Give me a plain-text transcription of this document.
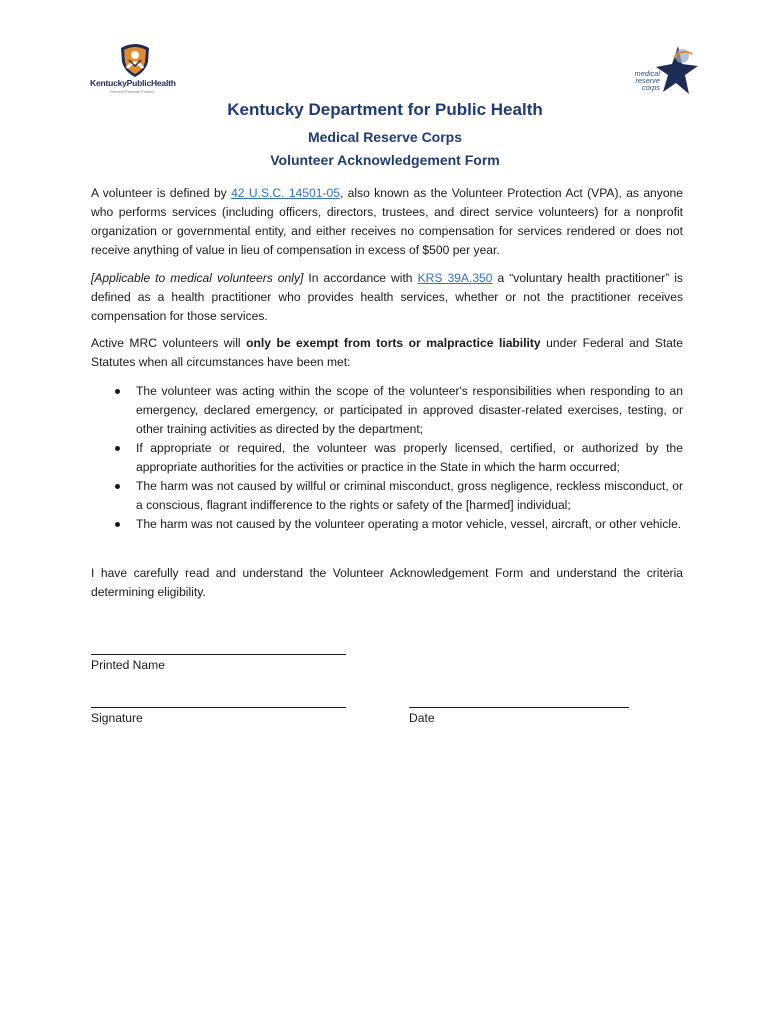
KentuckyPublicHealth
Prevent Promote Protect
medical
reserve
corps
Kentucky Department for Public Health
Medical Reserve Corps
Volunteer Acknowledgement Form

A volunteer is defined by 42 U.S.C. 14501-05, also known as the Volunteer Protection Act (VPA), as anyone who performs services (including officers, directors, trustees, and direct service volunteers) for a nonprofit organization or governmental entity, and either receives no compensation for services rendered or does not receive anything of value in lieu of compensation in excess of $500 per year.

[Applicable to medical volunteers only] In accordance with KRS 39A.350 a “voluntary health practitioner” is defined as a health practitioner who provides health services, whether or not the practitioner receives compensation for those services.

Active MRC volunteers will only be exempt from torts or malpractice liability under Federal and State Statutes when all circumstances have been met:

The volunteer was acting within the scope of the volunteer's responsibilities when responding to an emergency, declared emergency, or participated in approved disaster-related exercises, testing, or other training activities as directed by the department;
If appropriate or required, the volunteer was properly licensed, certified, or authorized by the appropriate authorities for the activities or practice in the State in which the harm occurred;
The harm was not caused by willful or criminal misconduct, gross negligence, reckless misconduct, or a conscious, flagrant indifference to the rights or safety of the [harmed] individual;
The harm was not caused by the volunteer operating a motor vehicle, vessel, aircraft, or other vehicle.

I have carefully read and understand the Volunteer Acknowledgement Form and understand the criteria determining eligibility.

Printed Name
Signature	Date
